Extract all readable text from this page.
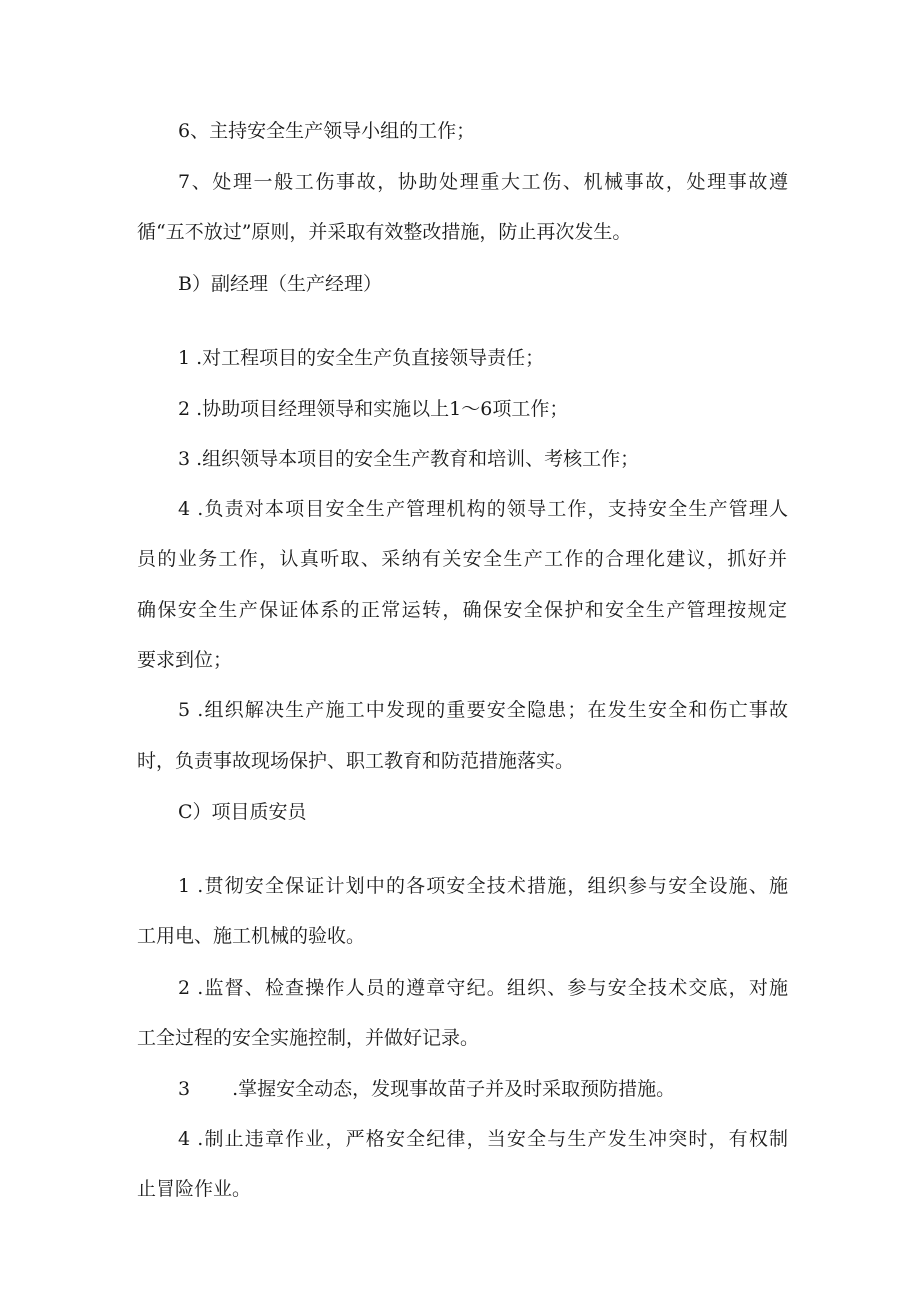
6、主持安全生产领导小组的工作；
7、处理一般工伤事故，协助处理重大工伤、机械事故，处理事故遵
循“五不放过”原则，并采取有效整改措施，防止再次发生。
B）副经理（生产经理）
1 .对工程项目的安全生产负直接领导责任；
2 .协助项目经理领导和实施以上1～6项工作；
3 .组织领导本项目的安全生产教育和培训、考核工作；
4 .负责对本项目安全生产管理机构的领导工作，支持安全生产管理人
员的业务工作，认真听取、采纳有关安全生产工作的合理化建议，抓好并
确保安全生产保证体系的正常运转，确保安全保护和安全生产管理按规定
要求到位；
5 .组织解决生产施工中发现的重要安全隐患；在发生安全和伤亡事故
时，负责事故现场保护、职工教育和防范措施落实。
C）项目质安员
1 .贯彻安全保证计划中的各项安全技术措施，组织参与安全设施、施
工用电、施工机械的验收。
2 .监督、检查操作人员的遵章守纪。组织、参与安全技术交底，对施
工全过程的安全实施控制，并做好记录。
3 .掌握安全动态，发现事故苗子并及时采取预防措施。
4 .制止违章作业，严格安全纪律，当安全与生产发生冲突时，有权制
止冒险作业。
